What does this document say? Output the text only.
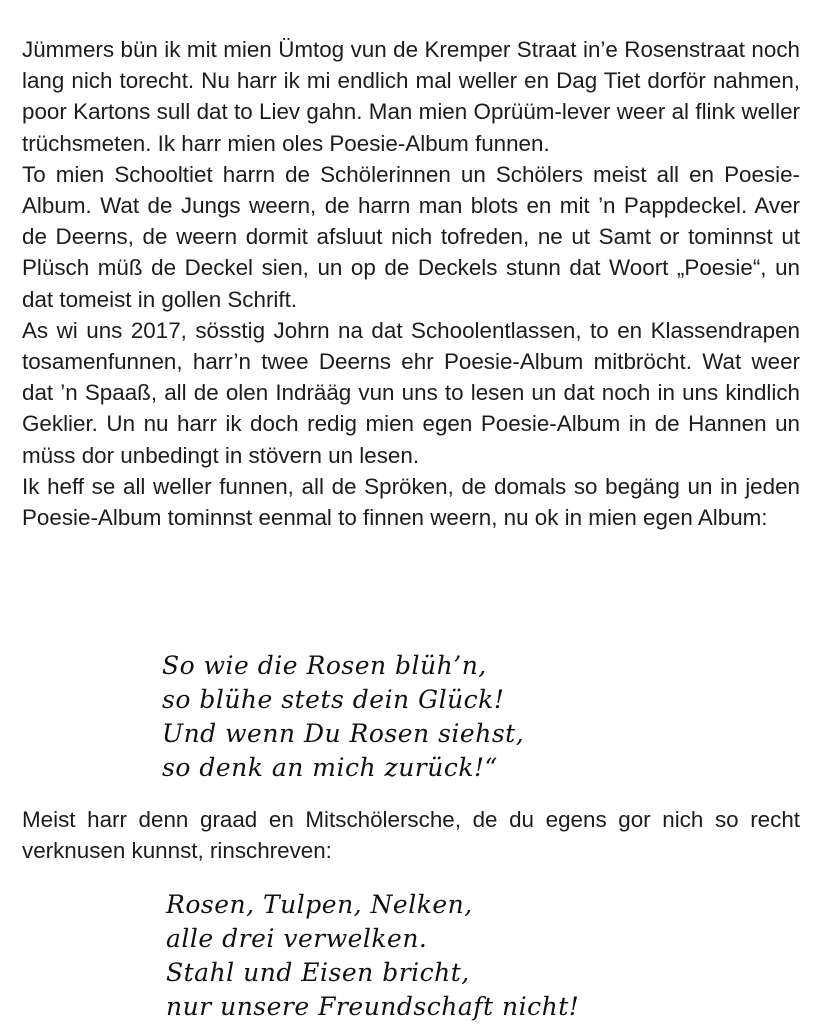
Jümmers bün ik mit mien Ümtog vun de Kremper Straat in’e Rosenstraat noch lang nich torecht. Nu harr ik mi endlich mal weller en Dag Tiet dorför nahmen, poor Kartons sull dat to Liev gahn. Man mien Oprüüm-lever weer al flink weller trüchsmeten. Ik harr mien oles Poesie-Album funnen.

To mien Schooltiet harrn de Schölerinnen un Schölers meist all en Poesie-Album. Wat de Jungs weern, de harrn man blots en mit ’n Pappdeckel. Aver de Deerns, de weern dormit afsluut nich tofreden, ne ut Samt or tominnst ut Plüsch müß de Deckel sien, un op de Deckels stunn dat Woort „Poesie“, un dat tomeist in gollen Schrift.

As wi uns 2017, sösstig Johrn na dat Schoolentlassen, to en Klassendrapen tosamenfunnen, harr’n twee Deerns ehr Poesie-Album mitbröcht. Wat weer dat ’n Spaaß, all de olen Indrääg vun uns to lesen un dat noch in uns kindlich Geklier. Un nu harr ik doch redig mien egen Poesie-Album in de Hannen un müss dor unbedingt in stövern un lesen.

Ik heff se all weller funnen, all de Spröken, de domals so begäng un in jeden Poesie-Album tominnst eenmal to finnen weern, nu ok in mien egen Album:

So wie die Rosen blüh’n,
so blühe stets dein Glück!
Und wenn Du Rosen siehst,
so denk an mich zurück!“

Meist harr denn graad en Mitschölersche, de du egens gor nich so recht verknusen kunnst, rinschreven:

Rosen, Tulpen, Nelken,
alle drei verwelken.
Stahl und Eisen bricht,
nur unsere Freundschaft nicht!
